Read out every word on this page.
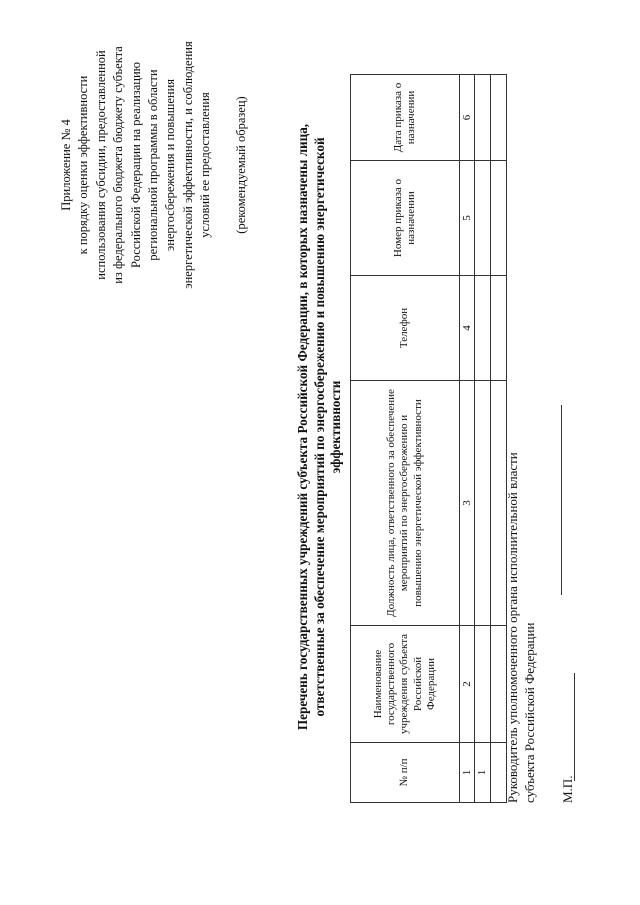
Приложение № 4 к порядку оценки эффективности использования субсидии, предоставленной из федерального бюджета бюджету субъекта Российской Федерации на реализацию региональной программы в области энергосбережения и повышения энергетической эффективности, и соблюдения условий ее предоставления (рекомендуемый образец)	Перечень государственных учреждений субъекта Российской Федерации, в которых назначены лица, ответственные за обеспечение мероприятий по энергосбережению и повышению энергетической эффективности
№ п/п	Наименование государственного учреждения субъекта Российской Федерации	Должность лица, ответственного за обеспечение мероприятий по энергосбережению и повышению энергетической эффективности	Телефон	Номер приказа о назначении	Дата приказа о назначении
1	2	3	4	5	6
1					
					Руководитель уполномоченного органа исполнительной власти субъекта Российской Федерации М.П.
